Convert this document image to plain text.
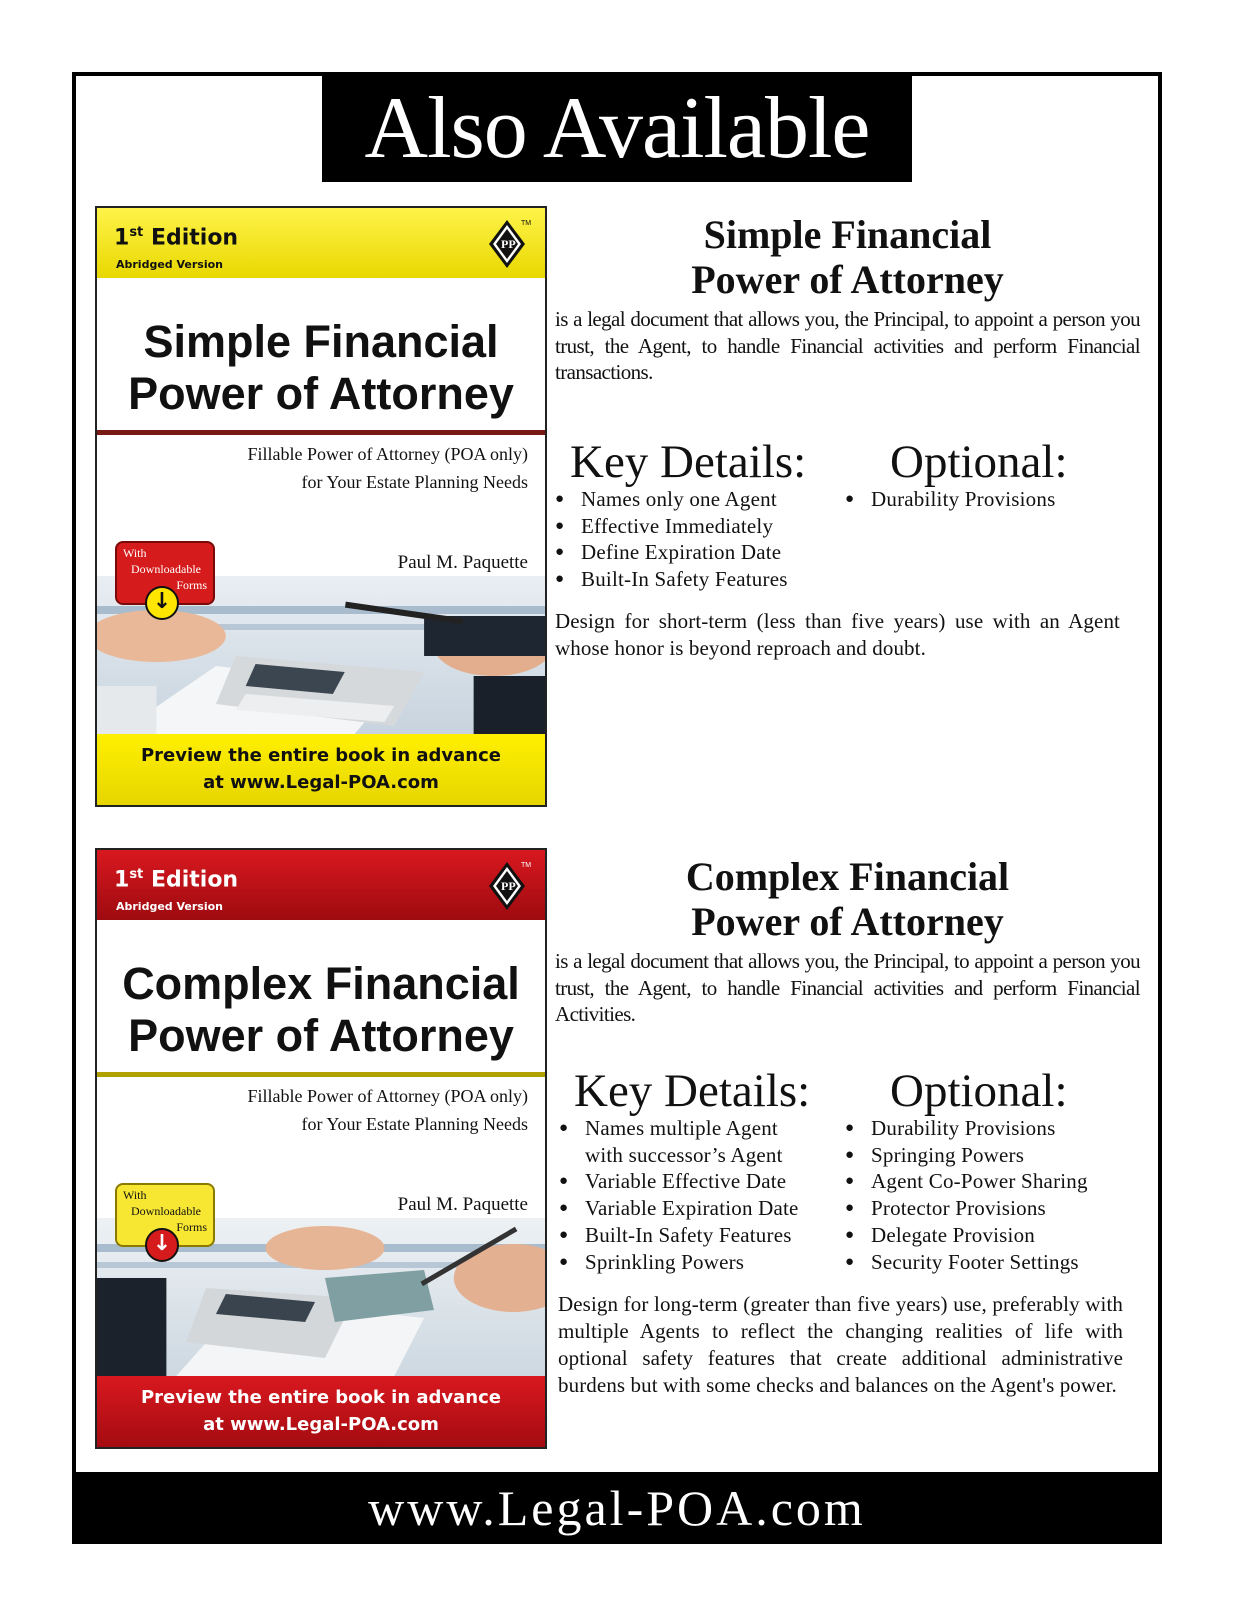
Also Available
1st Edition
Abridged Version
PP
TM
Simple Financial
Power of Attorney
Fillable Power of Attorney (POA only)
for Your Estate Planning Needs
With
Downloadable
Forms
↓
Paul M. Paquette
Preview the entire book in advance
at www.Legal-POA.com
Simple Financial
Power of Attorney
is a legal document that allows you, the Principal, to appoint a person you trust, the Agent, to handle Financial activities and perform Financial transactions.
Key Details: Optional:
● Names only one Agent
● Effective Immediately
● Define Expiration Date
● Built-In Safety Features
● Durability Provisions
Design for short-term (less than five years) use with an Agent whose honor is beyond reproach and doubt.
1st Edition
Abridged Version
PP
TM
Complex Financial
Power of Attorney
Fillable Power of Attorney (POA only)
for Your Estate Planning Needs
With
Downloadable
Forms
↓
Paul M. Paquette
Preview the entire book in advance
at www.Legal-POA.com
Complex Financial
Power of Attorney
is a legal document that allows you, the Principal, to appoint a person you trust, the Agent, to handle Financial activities and perform Financial Activities.
Key Details: Optional:
● Names multiple Agent
with successor’s Agent
● Variable Effective Date
● Variable Expiration Date
● Built-In Safety Features
● Sprinkling Powers
● Durability Provisions
● Springing Powers
● Agent Co-Power Sharing
● Protector Provisions
● Delegate Provision
● Security Footer Settings
Design for long-term (greater than five years) use, preferably with multiple Agents to reflect the changing realities of life with optional safety features that create additional administrative burdens but with some checks and balances on the Agent's power.
www.Legal-POA.com
